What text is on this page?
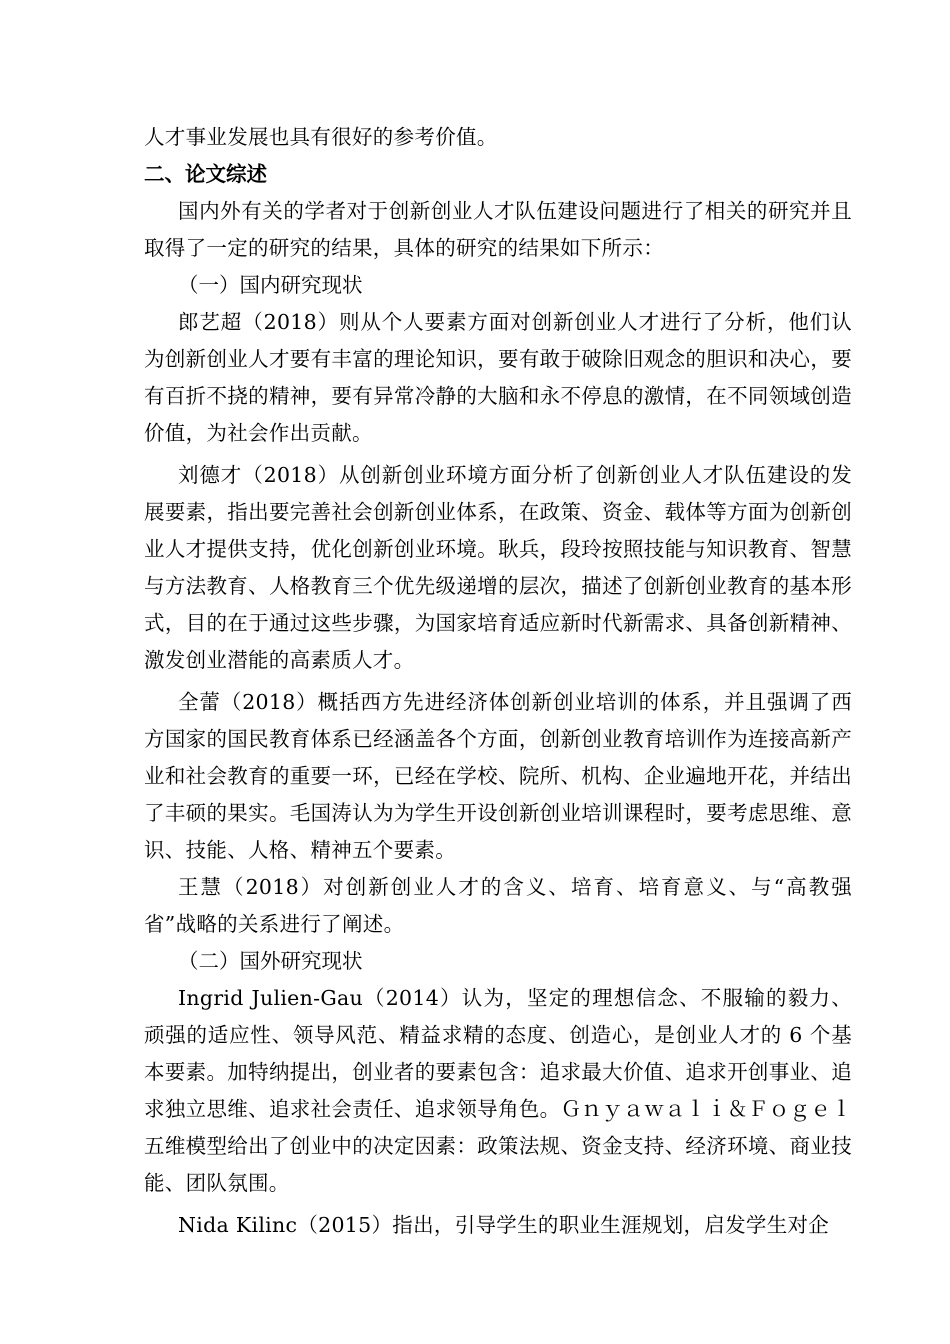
人才事业发展也具有很好的参考价值。

二、论文综述

国内外有关的学者对于创新创业人才队伍建设问题进行了相关的研究并且取得了一定的研究的结果，具体的研究的结果如下所示：

（一）国内研究现状

郎艺超（2018）则从个人要素方面对创新创业人才进行了分析，他们认为创新创业人才要有丰富的理论知识，要有敢于破除旧观念的胆识和决心，要有百折不挠的精神，要有异常冷静的大脑和永不停息的激情，在不同领域创造价值，为社会作出贡献。

刘德才（2018）从创新创业环境方面分析了创新创业人才队伍建设的发展要素，指出要完善社会创新创业体系，在政策、资金、载体等方面为创新创业人才提供支持，优化创新创业环境。耿兵，段玲按照技能与知识教育、智慧与方法教育、人格教育三个优先级递增的层次，描述了创新创业教育的基本形式，目的在于通过这些步骤，为国家培育适应新时代新需求、具备创新精神、激发创业潜能的高素质人才。

全蕾（2018）概括西方先进经济体创新创业培训的体系，并且强调了西方国家的国民教育体系已经涵盖各个方面，创新创业教育培训作为连接高新产业和社会教育的重要一环，已经在学校、院所、机构、企业遍地开花，并结出了丰硕的果实。毛国涛认为为学生开设创新创业培训课程时，要考虑思维、意识、技能、人格、精神五个要素。

王慧（2018）对创新创业人才的含义、培育、培育意义、与“高教强省”战略的关系进行了阐述。

（二）国外研究现状

Ingrid Julien-Gau（2014）认为，坚定的理想信念、不服输的毅力、顽强的适应性、领导风范、精益求精的态度、创造心，是创业人才的 6 个基本要素。加特纳提出，创业者的要素包含：追求最大价值、追求开创事业、追求独立思维、追求社会责任、追求领导角色。Ｇｎｙａｗａｌｉ＆Ｆｏｇｅｌ五维模型给出了创业中的决定因素：政策法规、资金支持、经济环境、商业技能、团队氛围。

Nida Kilinc（2015）指出，引导学生的职业生涯规划，启发学生对企
